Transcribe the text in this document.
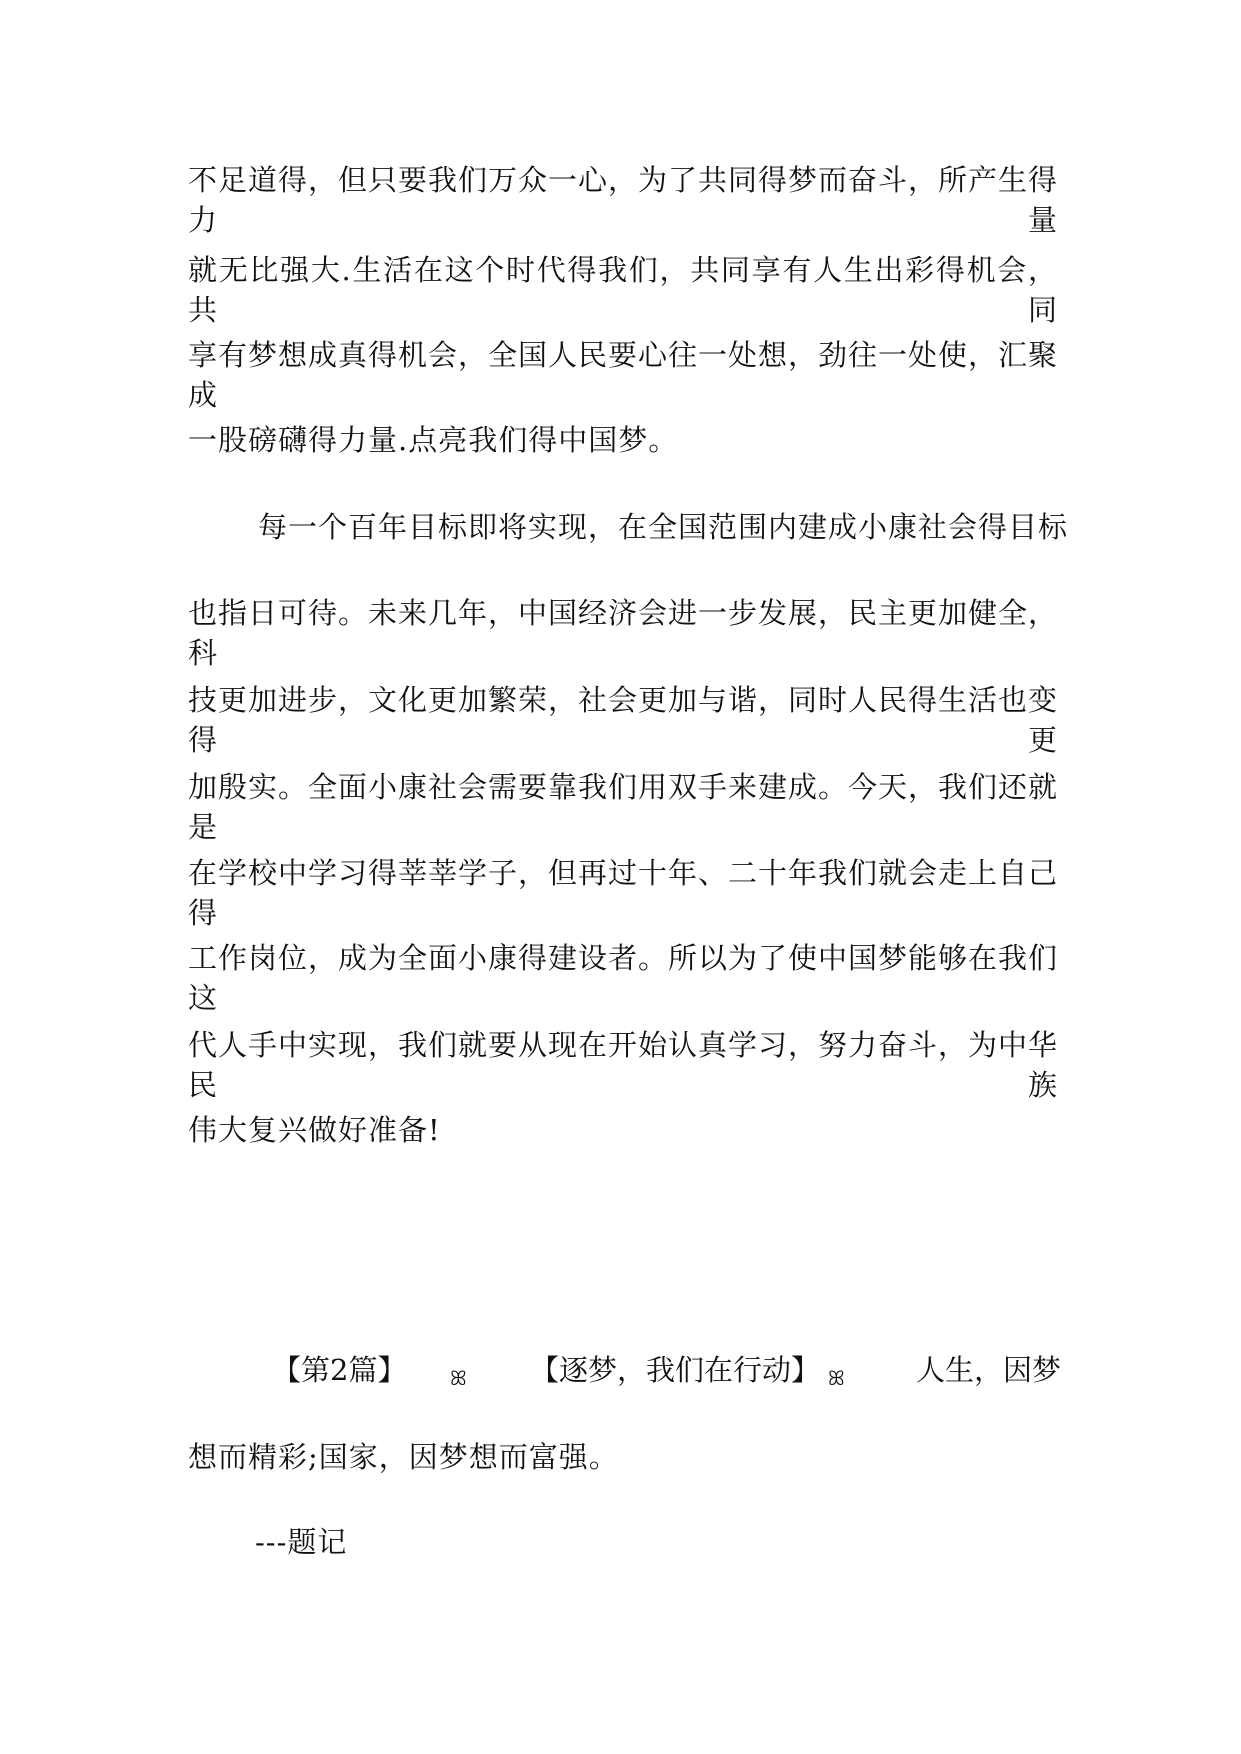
不足道得，但只要我们万众一心，为了共同得梦而奋斗，所产生得力量
就无比强大.生活在这个时代得我们，共同享有人生出彩得机会，共同
享有梦想成真得机会，全国人民要心往一处想，劲往一处使，汇聚成
一股磅礴得力量.点亮我们得中国梦。
每一个百年目标即将实现，在全国范围内建成小康社会得目标
也指日可待。未来几年，中国经济会进一步发展，民主更加健全，科
技更加进步，文化更加繁荣，社会更加与谐，同时人民得生活也变得更
加殷实。全面小康社会需要靠我们用双手来建成。今天，我们还就是
在学校中学习得莘莘学子，但再过十年、二十年我们就会走上自己得
工作岗位，成为全面小康得建设者。所以为了使中国梦能够在我们这
代人手中实现，我们就要从现在开始认真学习，努力奋斗，为中华民族
伟大复兴做好准备!
【第2篇】 ꕤ 【逐梦，我们在行动】 ꕤ 人生，因梦
想而精彩;国家，因梦想而富强。
---题记
